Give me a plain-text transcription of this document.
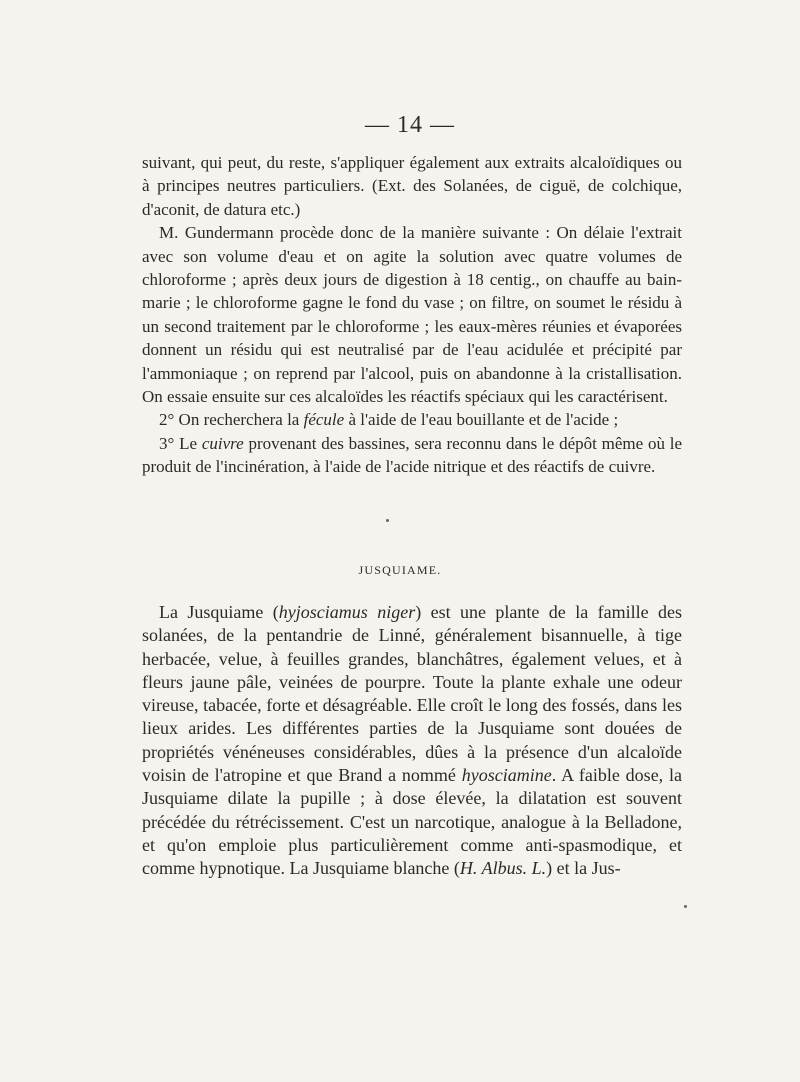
— 14 —

suivant, qui peut, du reste, s'appliquer également aux extraits alcaloïdiques ou à principes neutres particuliers. (Ext. des Solanées, de ciguë, de colchique, d'aconit, de datura etc.)

M. Gundermann procède donc de la manière suivante : On délaie l'extrait avec son volume d'eau et on agite la solution avec quatre volumes de chloroforme ; après deux jours de digestion à 18 centig., on chauffe au bain-marie ; le chloroforme gagne le fond du vase ; on filtre, on soumet le résidu à un second traitement par le chloroforme ; les eaux-mères réunies et évaporées donnent un résidu qui est neutralisé par de l'eau acidulée et précipité par l'ammoniaque ; on reprend par l'alcool, puis on abandonne à la cristallisation. On essaie ensuite sur ces alcaloïdes les réactifs spéciaux qui les caractérisent.

2° On recherchera la fécule à l'aide de l'eau bouillante et de l'acide ;

3° Le cuivre provenant des bassines, sera reconnu dans le dépôt même où le produit de l'incinération, à l'aide de l'acide nitrique et des réactifs de cuivre.

JUSQUIAME.

La Jusquiame (hyjosciamus niger) est une plante de la famille des solanées, de la pentandrie de Linné, généralement bisannuelle, à tige herbacée, velue, à feuilles grandes, blanchâtres, également velues, et à fleurs jaune pâle, veinées de pourpre. Toute la plante exhale une odeur vireuse, tabacée, forte et désagréable. Elle croît le long des fossés, dans les lieux arides. Les différentes parties de la Jusquiame sont douées de propriétés vénéneuses considérables, dûes à la présence d'un alcaloïde voisin de l'atropine et que Brand a nommé hyosciamine. A faible dose, la Jusquiame dilate la pupille ; à dose élevée, la dilatation est souvent précédée du rétrécissement. C'est un narcotique, analogue à la Belladone, et qu'on emploie plus particulièrement comme anti-spasmodique, et comme hypnotique. La Jusquiame blanche (H. Albus. L.) et la Jus-
